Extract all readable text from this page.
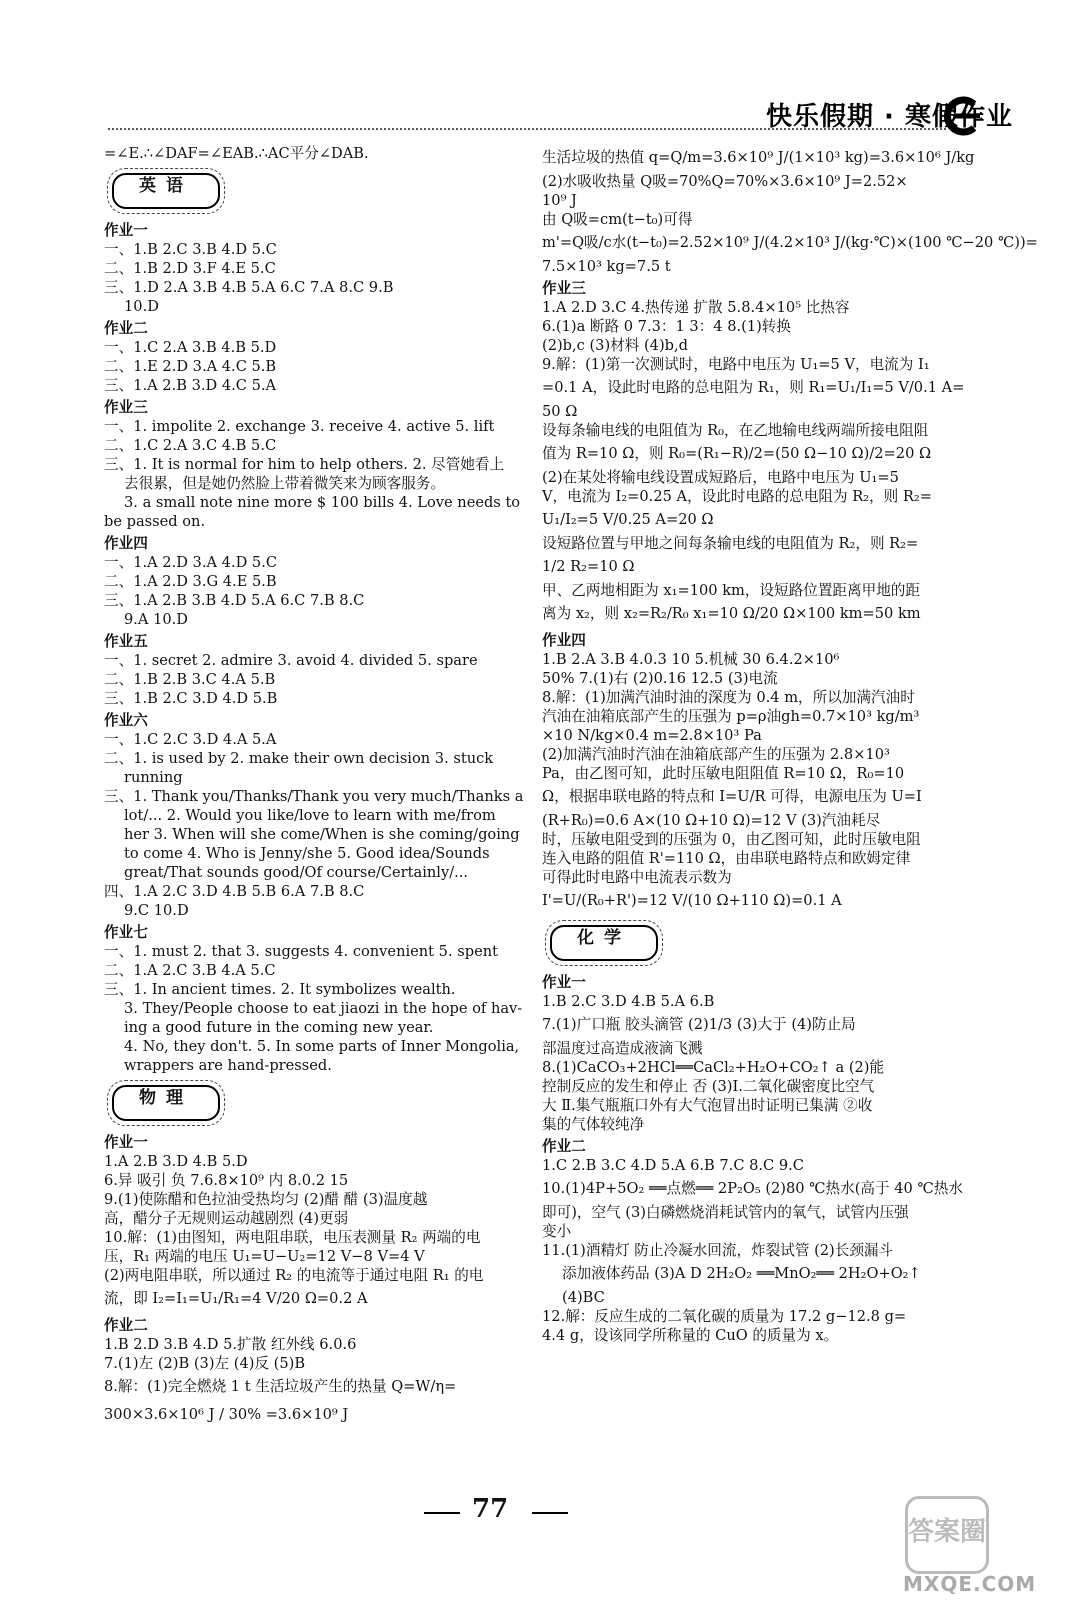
快乐假期 · 寒假作业
=∠E.∴∠DAF=∠EAB.∴AC平分∠DAB.
英语
作业一
一、1.B 2.C 3.B 4.D 5.C
二、1.B 2.D 3.F 4.E 5.C
三、1.D 2.A 3.B 4.B 5.A 6.C 7.A 8.C 9.B
10.D
作业二
一、1.C 2.A 3.B 4.B 5.D
二、1.E 2.D 3.A 4.C 5.B
三、1.A 2.B 3.D 4.C 5.A
作业三
一、1. impolite 2. exchange 3. receive 4. active 5. lift
二、1.C 2.A 3.C 4.B 5.C
三、1. It is normal for him to help others. 2. 尽管她看上
去很累，但是她仍然脸上带着微笑来为顾客服务。
3. a small note nine more $ 100 bills 4. Love needs to
be passed on.
作业四
一、1.A 2.D 3.A 4.D 5.C
二、1.A 2.D 3.G 4.E 5.B
三、1.A 2.B 3.B 4.D 5.A 6.C 7.B 8.C
9.A 10.D
作业五
一、1. secret 2. admire 3. avoid 4. divided 5. spare
二、1.B 2.B 3.C 4.A 5.B
三、1.B 2.C 3.D 4.D 5.B
作业六
一、1.C 2.C 3.D 4.A 5.A
二、1. is used by 2. make their own decision 3. stuck
running
三、1. Thank you/Thanks/Thank you very much/Thanks a
lot/... 2. Would you like/love to learn with me/from
her 3. When will she come/When is she coming/going
to come 4. Who is Jenny/she 5. Good idea/Sounds
great/That sounds good/Of course/Certainly/...
四、1.A 2.C 3.D 4.B 5.B 6.A 7.B 8.C
9.C 10.D
作业七
一、1. must 2. that 3. suggests 4. convenient 5. spent
二、1.A 2.C 3.B 4.A 5.C
三、1. In ancient times. 2. It symbolizes wealth.
3. They/People choose to eat jiaozi in the hope of hav-
ing a good future in the coming new year.
4. No, they don't. 5. In some parts of Inner Mongolia,
wrappers are hand-pressed.
物理
作业一
1.A 2.B 3.D 4.B 5.D
6.异 吸引 负 7.6.8×10⁹ 内 8.0.2 15
9.(1)使陈醋和色拉油受热均匀 (2)醋 醋 (3)温度越
高，醋分子无规则运动越剧烈 (4)更弱
10.解：(1)由图知，两电阻串联，电压表测量 R₂ 两端的电
压，R₁ 两端的电压 U₁=U−U₂=12 V−8 V=4 V
(2)两电阻串联，所以通过 R₂ 的电流等于通过电阻 R₁ 的电
流，即 I₂=I₁=U₁/R₁=4 V/20 Ω=0.2 A
作业二
1.B 2.D 3.B 4.D 5.扩散 红外线 6.0.6
7.(1)左 (2)B (3)左 (4)反 (5)B
8.解：(1)完全燃烧 1 t 生活垃圾产生的热量 Q=W/η=
300×3.6×10⁶ J / 30% =3.6×10⁹ J
生活垃圾的热值 q=Q/m=3.6×10⁹ J/(1×10³ kg)=3.6×10⁶ J/kg
(2)水吸收热量 Q吸=70%Q=70%×3.6×10⁹ J=2.52×
10⁹ J
由 Q吸=cm(t−t₀)可得
m'=Q吸/c水(t−t₀)=2.52×10⁹ J/(4.2×10³ J/(kg·℃)×(100 ℃−20 ℃))=
7.5×10³ kg=7.5 t
作业三
1.A 2.D 3.C 4.热传递 扩散 5.8.4×10⁵ 比热容
6.(1)a 断路 0 7.3：1 3：4 8.(1)转换
(2)b,c (3)材料 (4)b,d
9.解：(1)第一次测试时，电路中电压为 U₁=5 V，电流为 I₁
=0.1 A，设此时电路的总电阻为 R₁，则 R₁=U₁/I₁=5 V/0.1 A=
50 Ω
设每条输电线的电阻值为 R₀，在乙地输电线两端所接电阻阻
值为 R=10 Ω，则 R₀=(R₁−R)/2=(50 Ω−10 Ω)/2=20 Ω
(2)在某处将输电线设置成短路后，电路中电压为 U₁=5
V，电流为 I₂=0.25 A，设此时电路的总电阻为 R₂，则 R₂=
U₁/I₂=5 V/0.25 A=20 Ω
设短路位置与甲地之间每条输电线的电阻值为 R₂，则 R₂=
1/2 R₂=10 Ω
甲、乙两地相距为 x₁=100 km，设短路位置距离甲地的距
离为 x₂，则 x₂=R₂/R₀ x₁=10 Ω/20 Ω×100 km=50 km
作业四
1.B 2.A 3.B 4.0.3 10 5.机械 30 6.4.2×10⁶
50% 7.(1)右 (2)0.16 12.5 (3)电流
8.解：(1)加满汽油时油的深度为 0.4 m，所以加满汽油时
汽油在油箱底部产生的压强为 p=ρ油gh=0.7×10³ kg/m³
×10 N/kg×0.4 m=2.8×10³ Pa
(2)加满汽油时汽油在油箱底部产生的压强为 2.8×10³
Pa，由乙图可知，此时压敏电阻阻值 R=10 Ω，R₀=10
Ω，根据串联电路的特点和 I=U/R 可得，电源电压为 U=I
(R+R₀)=0.6 A×(10 Ω+10 Ω)=12 V (3)汽油耗尽
时，压敏电阻受到的压强为 0，由乙图可知，此时压敏电阻
连入电路的阻值 R'=110 Ω，由串联电路特点和欧姆定律
可得此时电路中电流表示数为
I'=U/(R₀+R')=12 V/(10 Ω+110 Ω)=0.1 A
化学
作业一
1.B 2.C 3.D 4.B 5.A 6.B
7.(1)广口瓶 胶头滴管 (2)1/3 (3)大于 (4)防止局
部温度过高造成液滴飞溅
8.(1)CaCO₃+2HCl══CaCl₂+H₂O+CO₂↑ a (2)能
控制反应的发生和停止 否 (3)Ⅰ.二氧化碳密度比空气
大 Ⅱ.集气瓶瓶口外有大气泡冒出时证明已集满 ②收
集的气体较纯净
作业二
1.C 2.B 3.C 4.D 5.A 6.B 7.C 8.C 9.C
10.(1)4P+5O₂ ══点燃══ 2P₂O₅ (2)80 ℃热水(高于 40 ℃热水
即可)，空气 (3)白磷燃烧消耗试管内的氧气，试管内压强
变小
11.(1)酒精灯 防止冷凝水回流，炸裂试管 (2)长颈漏斗
添加液体药品 (3)A D 2H₂O₂ ══MnO₂══ 2H₂O+O₂↑
(4)BC
12.解：反应生成的二氧化碳的质量为 17.2 g−12.8 g=
4.4 g，设该同学所称量的 CuO 的质量为 x。
77
答案圈
MXQE.COM
